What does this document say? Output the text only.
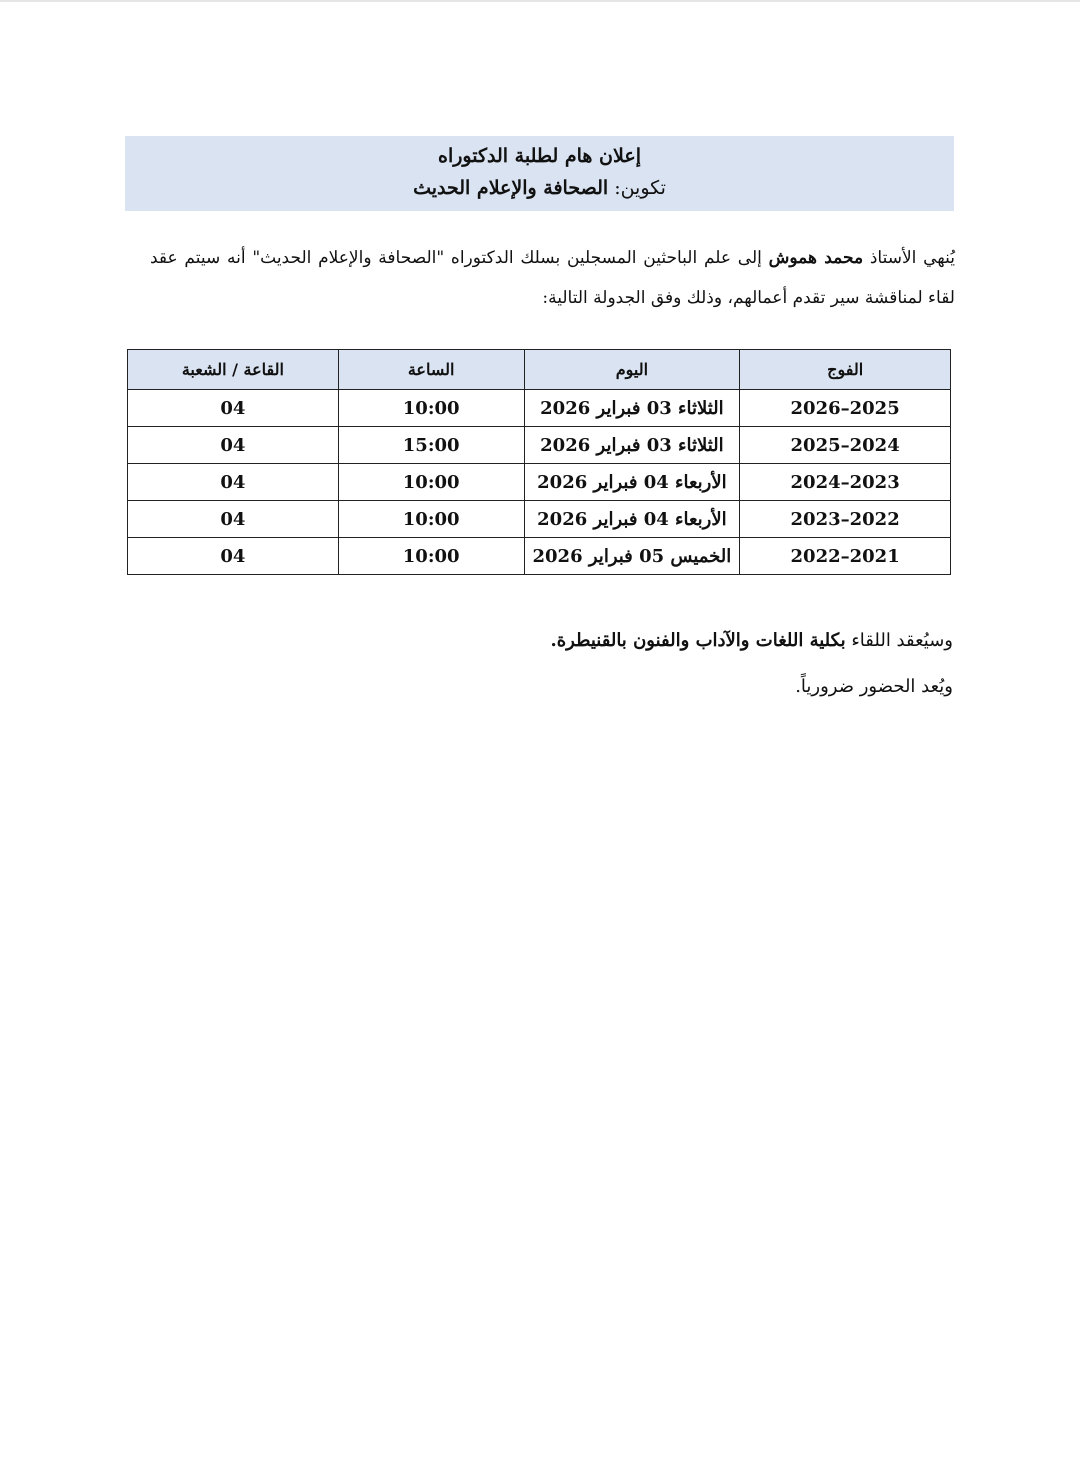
إعلان هام لطلبة الدكتوراه
تكوين: الصحافة والإعلام الحديث
يُنهي الأستاذ محمد هموش إلى علم الباحثين المسجلين بسلك الدكتوراه "الصحافة والإعلام الحديث" أنه سيتم عقد لقاء لمناقشة سير تقدم أعمالهم، وذلك وفق الجدولة التالية:
الفوج	اليوم	الساعة	القاعة / الشعبة
2025–2026	الثلاثاء 03 فبراير 2026	10:00	04
2024–2025	الثلاثاء 03 فبراير 2026	15:00	04
2023–2024	الأربعاء 04 فبراير 2026	10:00	04
2022–2023	الأربعاء 04 فبراير 2026	10:00	04
2021–2022	الخميس 05 فبراير 2026	10:00	04

وسيُعقد اللقاء بكلية اللغات والآداب والفنون بالقنيطرة.

ويُعد الحضور ضرورياً.
